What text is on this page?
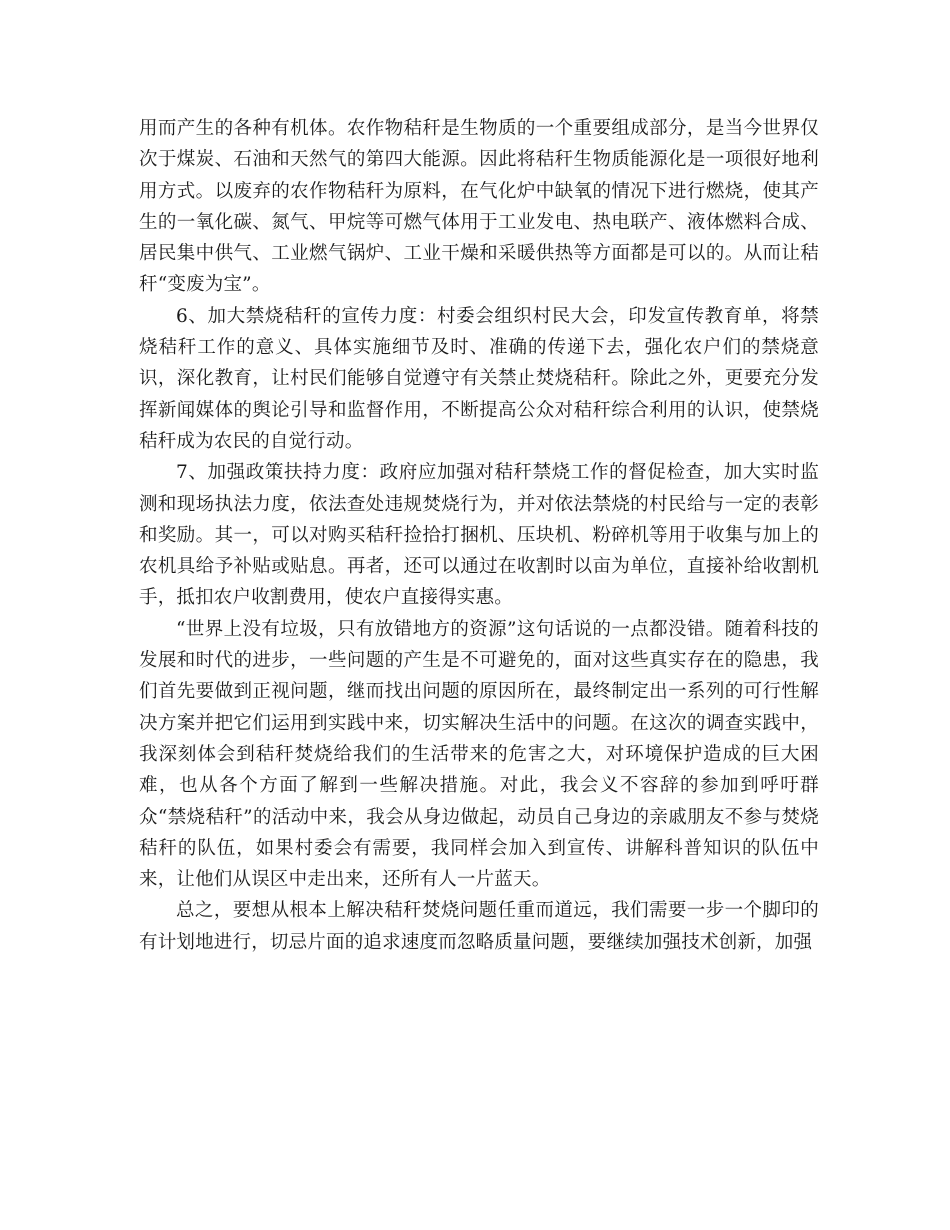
用而产生的各种有机体。农作物秸秆是生物质的一个重要组成部分，是当今世界仅次于煤炭、石油和天然气的第四大能源。因此将秸秆生物质能源化是一项很好地利用方式。以废弃的农作物秸秆为原料，在气化炉中缺氧的情况下进行燃烧，使其产生的一氧化碳、氮气、甲烷等可燃气体用于工业发电、热电联产、液体燃料合成、居民集中供气、工业燃气锅炉、工业干燥和采暖供热等方面都是可以的。从而让秸秆“变废为宝”。

6、加大禁烧秸秆的宣传力度：村委会组织村民大会，印发宣传教育单，将禁烧秸秆工作的意义、具体实施细节及时、准确的传递下去，强化农户们的禁烧意识，深化教育，让村民们能够自觉遵守有关禁止焚烧秸秆。除此之外，更要充分发挥新闻媒体的舆论引导和监督作用，不断提高公众对秸秆综合利用的认识，使禁烧秸秆成为农民的自觉行动。

7、加强政策扶持力度：政府应加强对秸秆禁烧工作的督促检查，加大实时监测和现场执法力度，依法查处违规焚烧行为，并对依法禁烧的村民给与一定的表彰和奖励。其一，可以对购买秸秆捡拾打捆机、压块机、粉碎机等用于收集与加上的农机具给予补贴或贴息。再者，还可以通过在收割时以亩为单位，直接补给收割机手，抵扣农户收割费用，使农户直接得实惠。

“世界上没有垃圾，只有放错地方的资源”这句话说的一点都没错。随着科技的发展和时代的进步，一些问题的产生是不可避免的，面对这些真实存在的隐患，我们首先要做到正视问题，继而找出问题的原因所在，最终制定出一系列的可行性解决方案并把它们运用到实践中来，切实解决生活中的问题。在这次的调查实践中，我深刻体会到秸秆焚烧给我们的生活带来的危害之大，对环境保护造成的巨大困难，也从各个方面了解到一些解决措施。对此，我会义不容辞的参加到呼吁群众“禁烧秸秆”的活动中来，我会从身边做起，动员自己身边的亲戚朋友不参与焚烧秸秆的队伍，如果村委会有需要，我同样会加入到宣传、讲解科普知识的队伍中来，让他们从误区中走出来，还所有人一片蓝天。

总之，要想从根本上解决秸秆焚烧问题任重而道远，我们需要一步一个脚印的有计划地进行，切忌片面的追求速度而忽略质量问题，要继续加强技术创新，加强
